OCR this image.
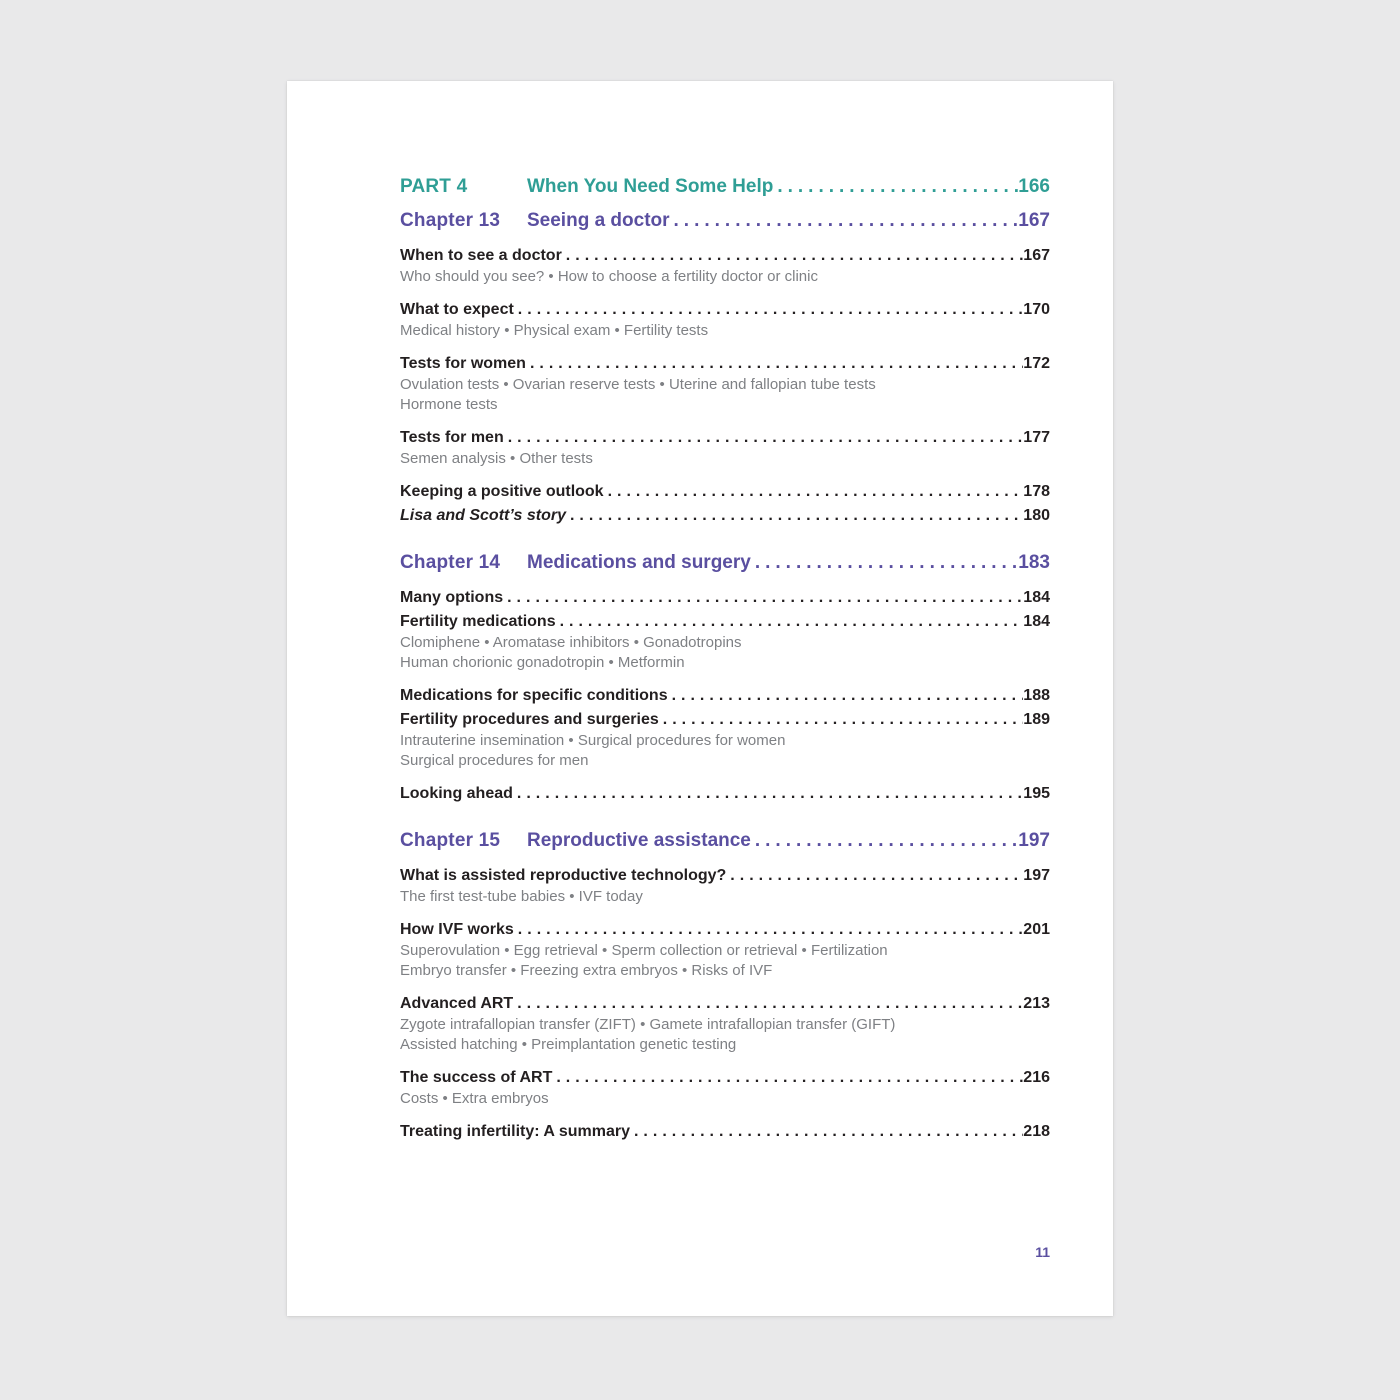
PART 4	When You Need Some Help .....	166
Chapter 13	Seeing a doctor .....	167
When to see a doctor .....	167
Who should you see? • How to choose a fertility doctor or clinic
What to expect .....	170
Medical history • Physical exam • Fertility tests
Tests for women .....	172
Ovulation tests • Ovarian reserve tests • Uterine and fallopian tube tests
Hormone tests
Tests for men .....	177
Semen analysis • Other tests
Keeping a positive outlook .....	178
Lisa and Scott’s story .....	180
Chapter 14	Medications and surgery .....	183
Many options .....	184
Fertility medications .....	184
Clomiphene • Aromatase inhibitors • Gonadotropins
Human chorionic gonadotropin • Metformin
Medications for specific conditions .....	188
Fertility procedures and surgeries .....	189
Intrauterine insemination • Surgical procedures for women
Surgical procedures for men
Looking ahead .....	195
Chapter 15	Reproductive assistance .....	197
What is assisted reproductive technology? .....	197
The first test-tube babies • IVF today
How IVF works .....	201
Superovulation • Egg retrieval • Sperm collection or retrieval • Fertilization
Embryo transfer • Freezing extra embryos • Risks of IVF
Advanced ART .....	213
Zygote intrafallopian transfer (ZIFT) • Gamete intrafallopian transfer (GIFT)
Assisted hatching • Preimplantation genetic testing
The success of ART .....	216
Costs • Extra embryos
Treating infertility: A summary .....	218
11
